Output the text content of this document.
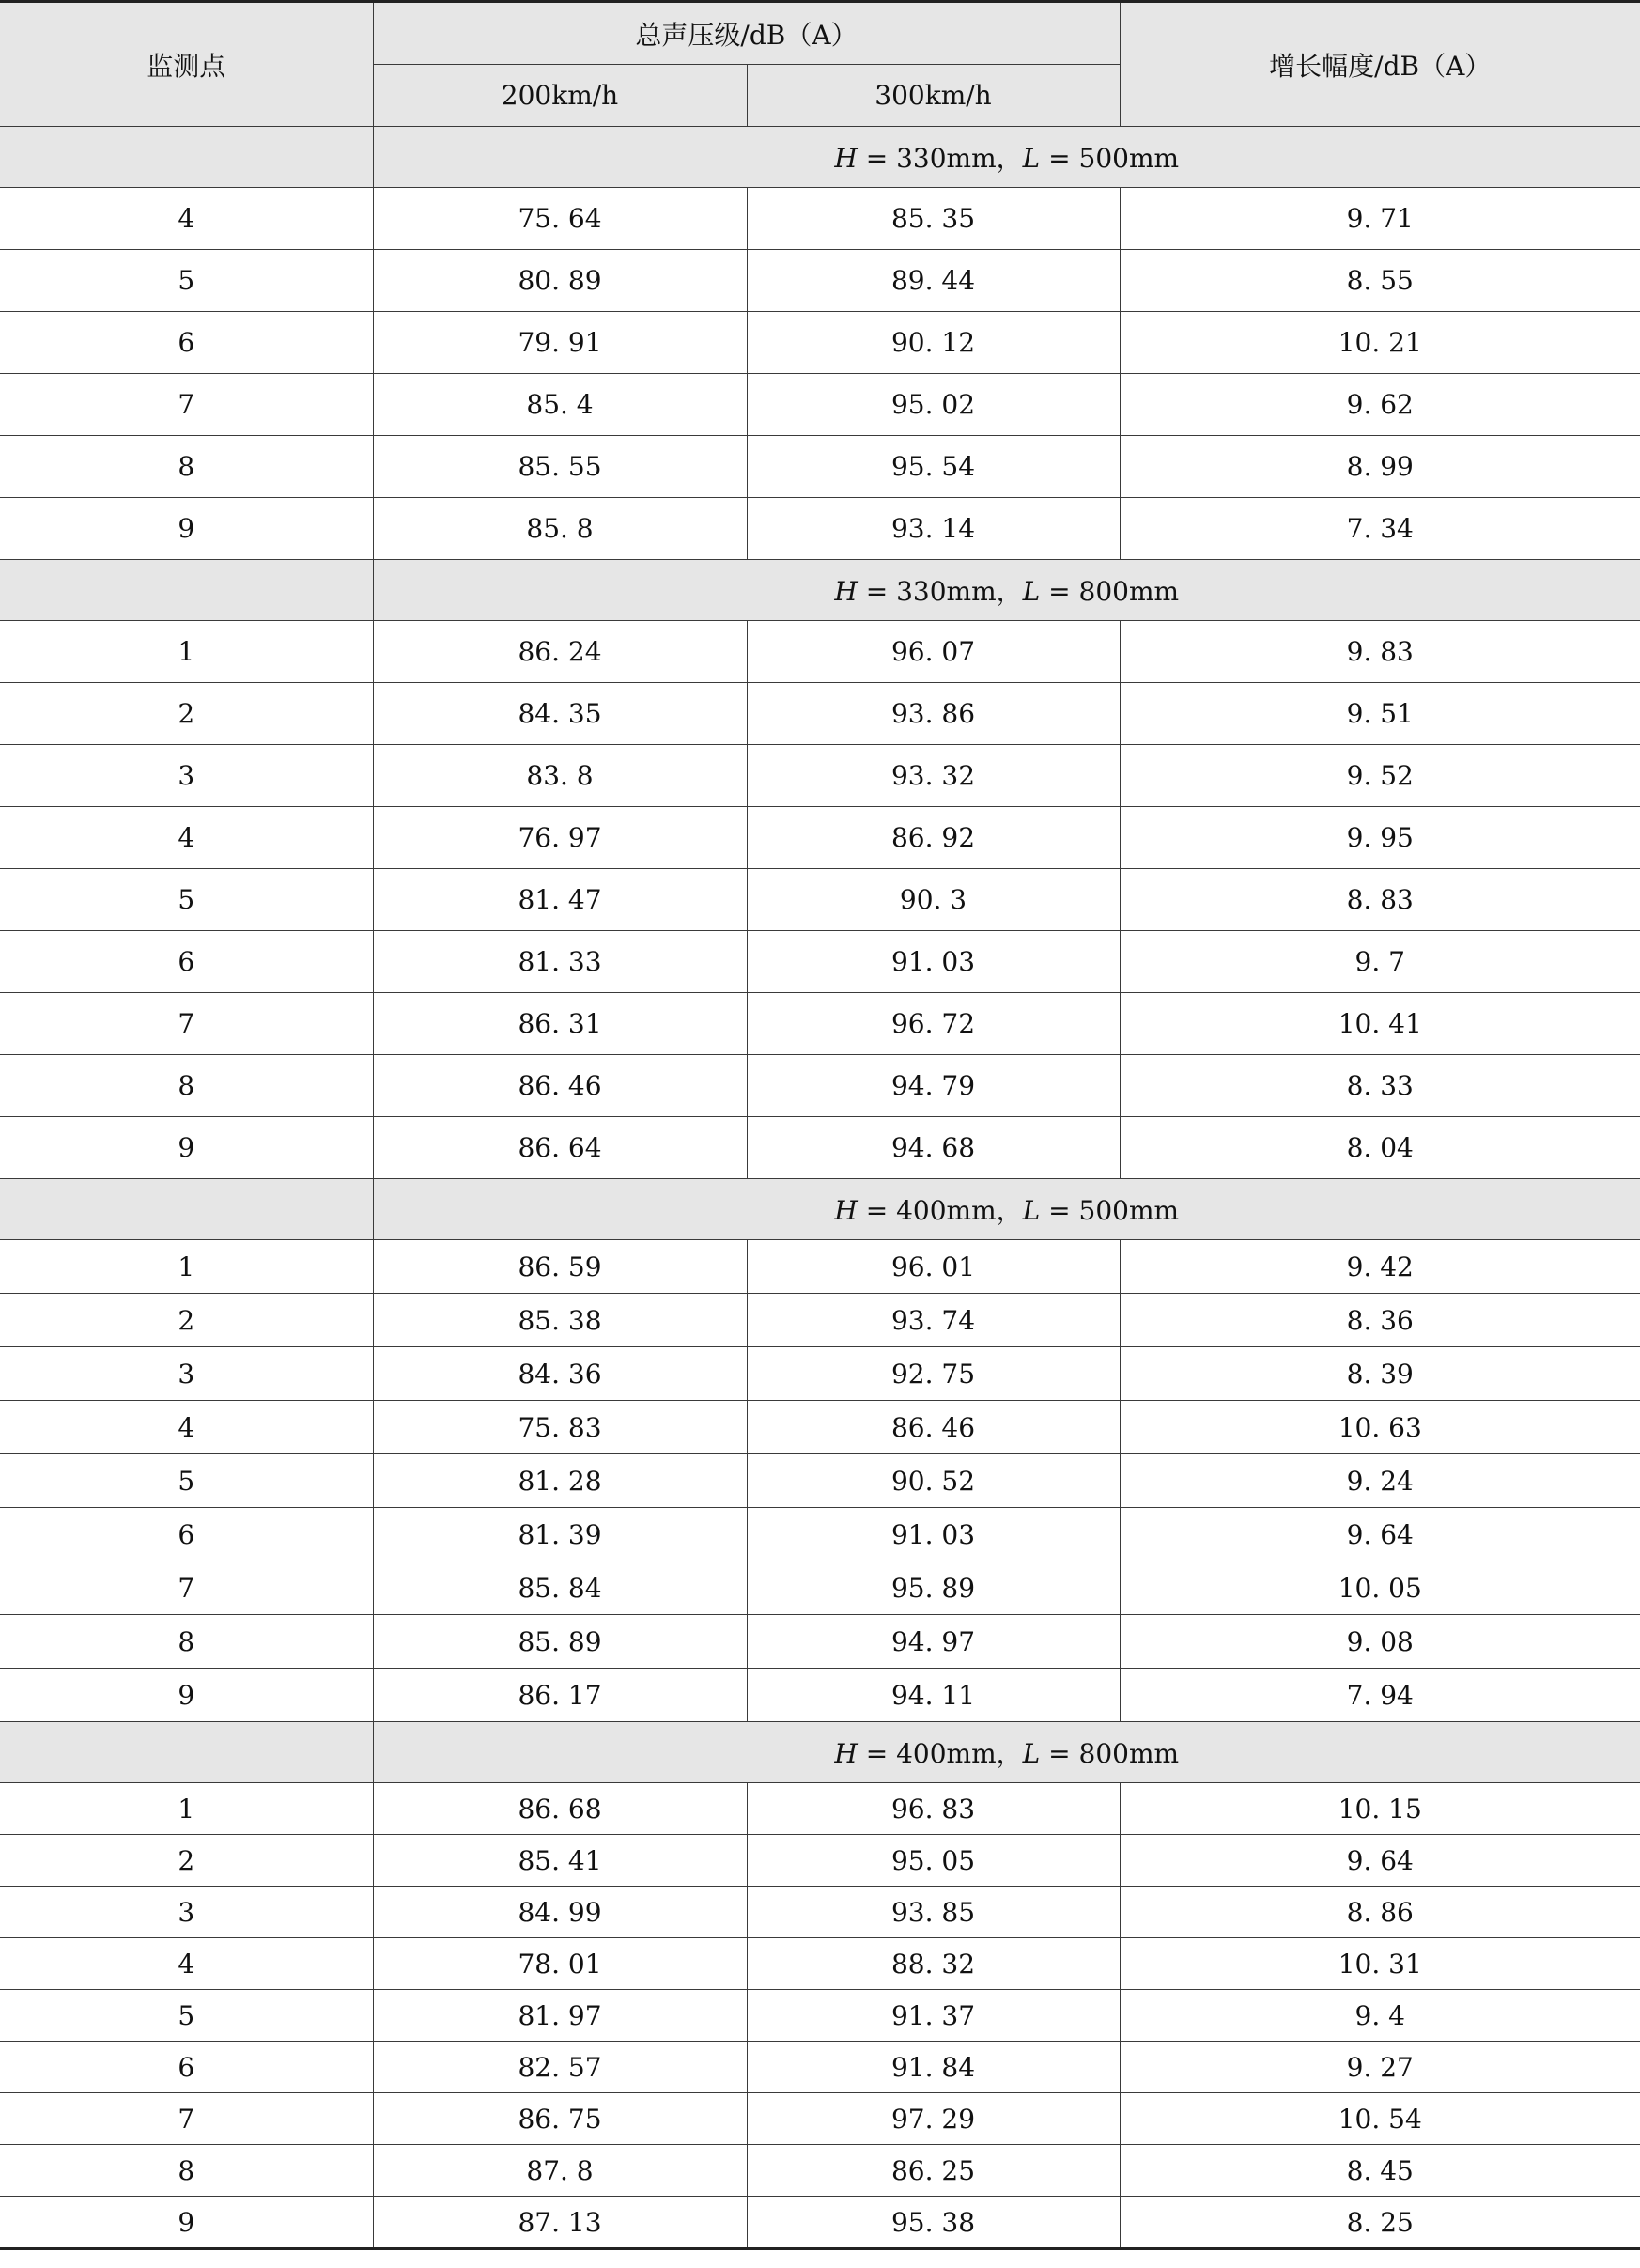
监测点	总声压级/dB（A）		增长幅度/dB（A）
	200km/h	300km/h	
	H = 330mm，L = 500mm		
4	75. 64	85. 35	9. 71
5	80. 89	89. 44	8. 55
6	79. 91	90. 12	10. 21
7	85. 4	95. 02	9. 62
8	85. 55	95. 54	8. 99
9	85. 8	93. 14	7. 34
	H = 330mm，L = 800mm		
1	86. 24	96. 07	9. 83
2	84. 35	93. 86	9. 51
3	83. 8	93. 32	9. 52
4	76. 97	86. 92	9. 95
5	81. 47	90. 3	8. 83
6	81. 33	91. 03	9. 7
7	86. 31	96. 72	10. 41
8	86. 46	94. 79	8. 33
9	86. 64	94. 68	8. 04
	H = 400mm，L = 500mm		
1	86. 59	96. 01	9. 42
2	85. 38	93. 74	8. 36
3	84. 36	92. 75	8. 39
4	75. 83	86. 46	10. 63
5	81. 28	90. 52	9. 24
6	81. 39	91. 03	9. 64
7	85. 84	95. 89	10. 05
8	85. 89	94. 97	9. 08
9	86. 17	94. 11	7. 94
	H = 400mm，L = 800mm		
1	86. 68	96. 83	10. 15
2	85. 41	95. 05	9. 64
3	84. 99	93. 85	8. 86
4	78. 01	88. 32	10. 31
5	81. 97	91. 37	9. 4
6	82. 57	91. 84	9. 27
7	86. 75	97. 29	10. 54
8	87. 8	86. 25	8. 45
9	87. 13	95. 38	8. 25
